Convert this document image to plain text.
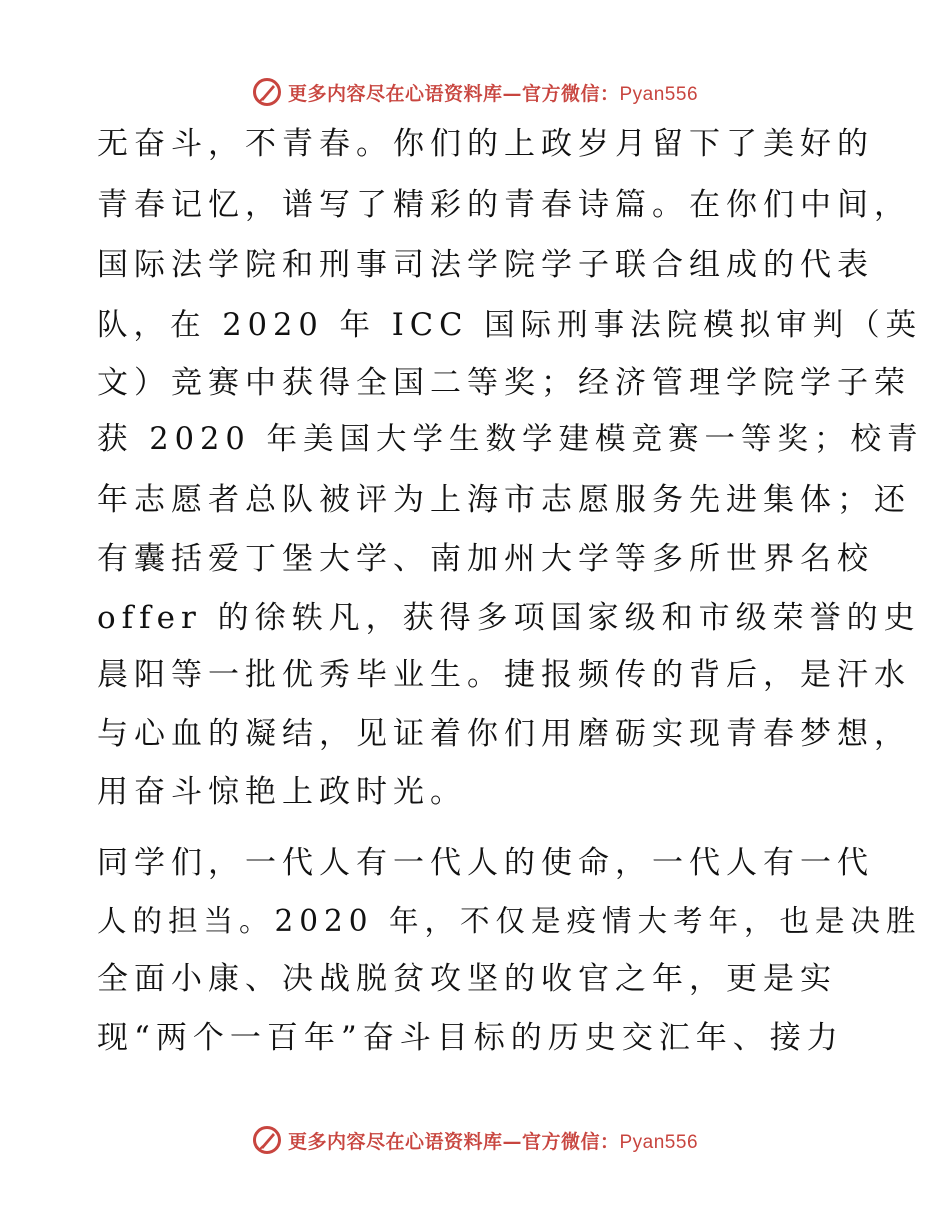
更多内容尽在心语资料库—官方微信：Pyan556
无奋斗，不青春。你们的上政岁月留下了美好的
青春记忆，谱写了精彩的青春诗篇。在你们中间，
国际法学院和刑事司法学院学子联合组成的代表
队，在 2020 年 ICC 国际刑事法院模拟审判（英
文）竞赛中获得全国二等奖；经济管理学院学子荣
获 2020 年美国大学生数学建模竞赛一等奖；校青
年志愿者总队被评为上海市志愿服务先进集体；还
有囊括爱丁堡大学、南加州大学等多所世界名校
offer 的徐轶凡，获得多项国家级和市级荣誉的史
晨阳等一批优秀毕业生。捷报频传的背后，是汗水
与心血的凝结，见证着你们用磨砺实现青春梦想，
用奋斗惊艳上政时光。
同学们，一代人有一代人的使命，一代人有一代
人的担当。2020 年，不仅是疫情大考年，也是决胜
全面小康、决战脱贫攻坚的收官之年，更是实
现“两个一百年”奋斗目标的历史交汇年、接力
更多内容尽在心语资料库—官方微信：Pyan556
